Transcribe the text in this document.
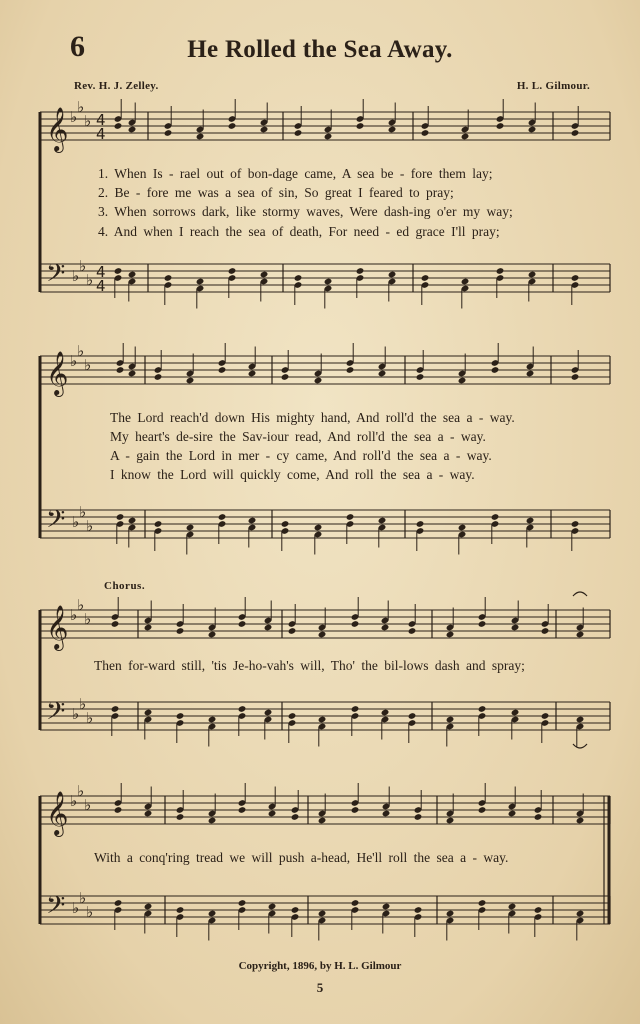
6	He Rolled the Sea Away.
Rev. H. J. Zelley.	H. L. Gilmour.
𝄞
𝄢
♭
♭
♭
♭
♭
♭
4
4
4
4
𝄞
𝄢
♭
♭
♭
♭
♭
♭
𝄞
𝄢
♭
♭
♭
♭
♭
♭
𝄞
𝄢
♭
♭
♭
♭
♭
♭
1. When Is - rael out of bon-dage came, A sea be - fore them lay;
2. Be - fore me was a sea of sin, So great I feared to pray;
3. When sorrows dark, like stormy waves, Were dash-ing o'er my way;
4. And when I reach the sea of death, For need - ed grace I'll pray;
The Lord reach'd down His mighty hand, And roll'd the sea a - way.
My heart's de-sire the Sav-iour read, And roll'd the sea a - way.
A - gain the Lord in mer - cy came, And roll'd the sea a - way.
I know the Lord will quickly come, And roll the sea a - way.
Chorus.
Then for-ward still, 'tis Je-ho-vah's will, Tho' the bil-lows dash and spray;
With a conq'ring tread we will push a-head, He'll roll the sea a - way.
Copyright, 1896, by H. L. Gilmour
5
